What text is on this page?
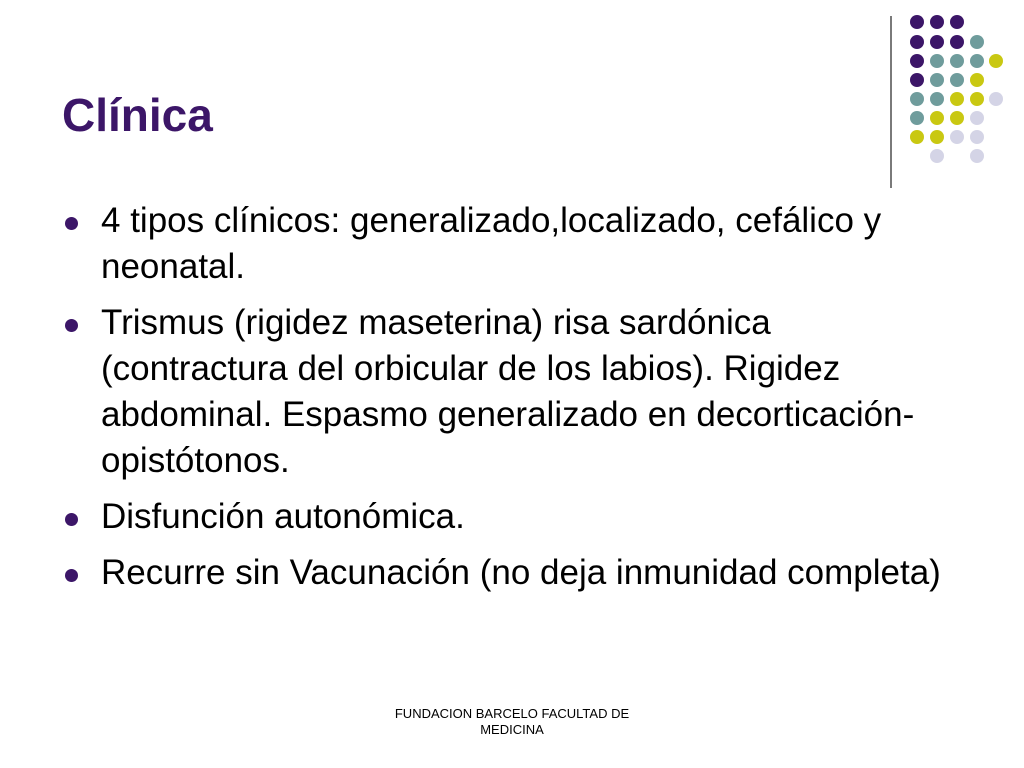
Clínica
4 tipos clínicos: generalizado,localizado, cefálico y neonatal.
Trismus (rigidez maseterina) risa sardónica (contractura del orbicular de los labios). Rigidez abdominal. Espasmo generalizado en decorticación-opistótonos.
Disfunción autonómica.
Recurre sin Vacunación (no deja inmunidad completa)
FUNDACION BARCELO FACULTAD DE
MEDICINA
